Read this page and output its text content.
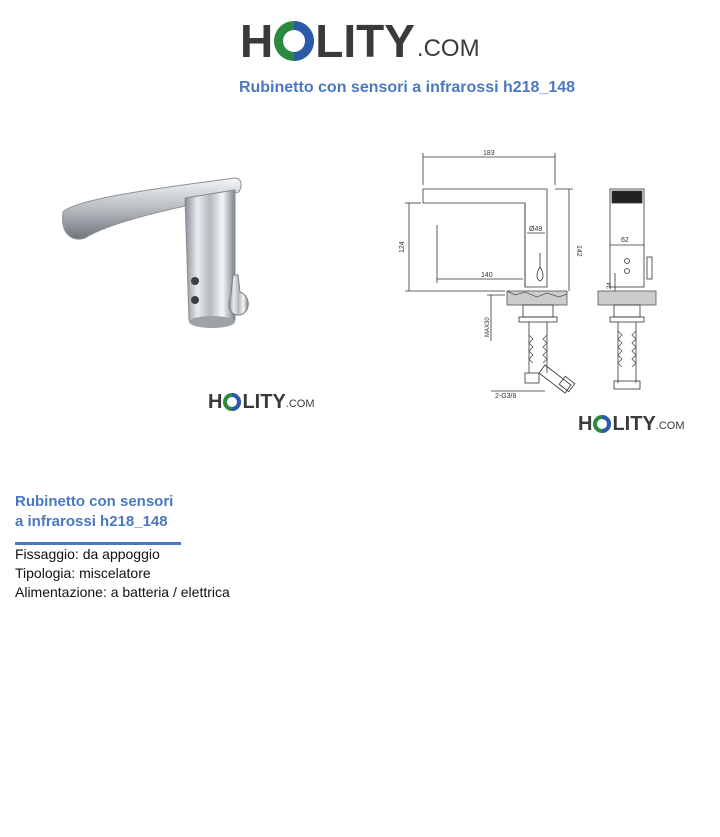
H LITY .COM
Rubinetto con sensori a infrarossi h218_148
H LITY .COM
183
142
124
140
Ø49
MAX30
2-G3/8
62
24
H LITY .COM
Rubinetto con sensori
a infrarossi h218_148
Fissaggio: da appoggio
Tipologia: miscelatore
Alimentazione: a batteria / elettrica
